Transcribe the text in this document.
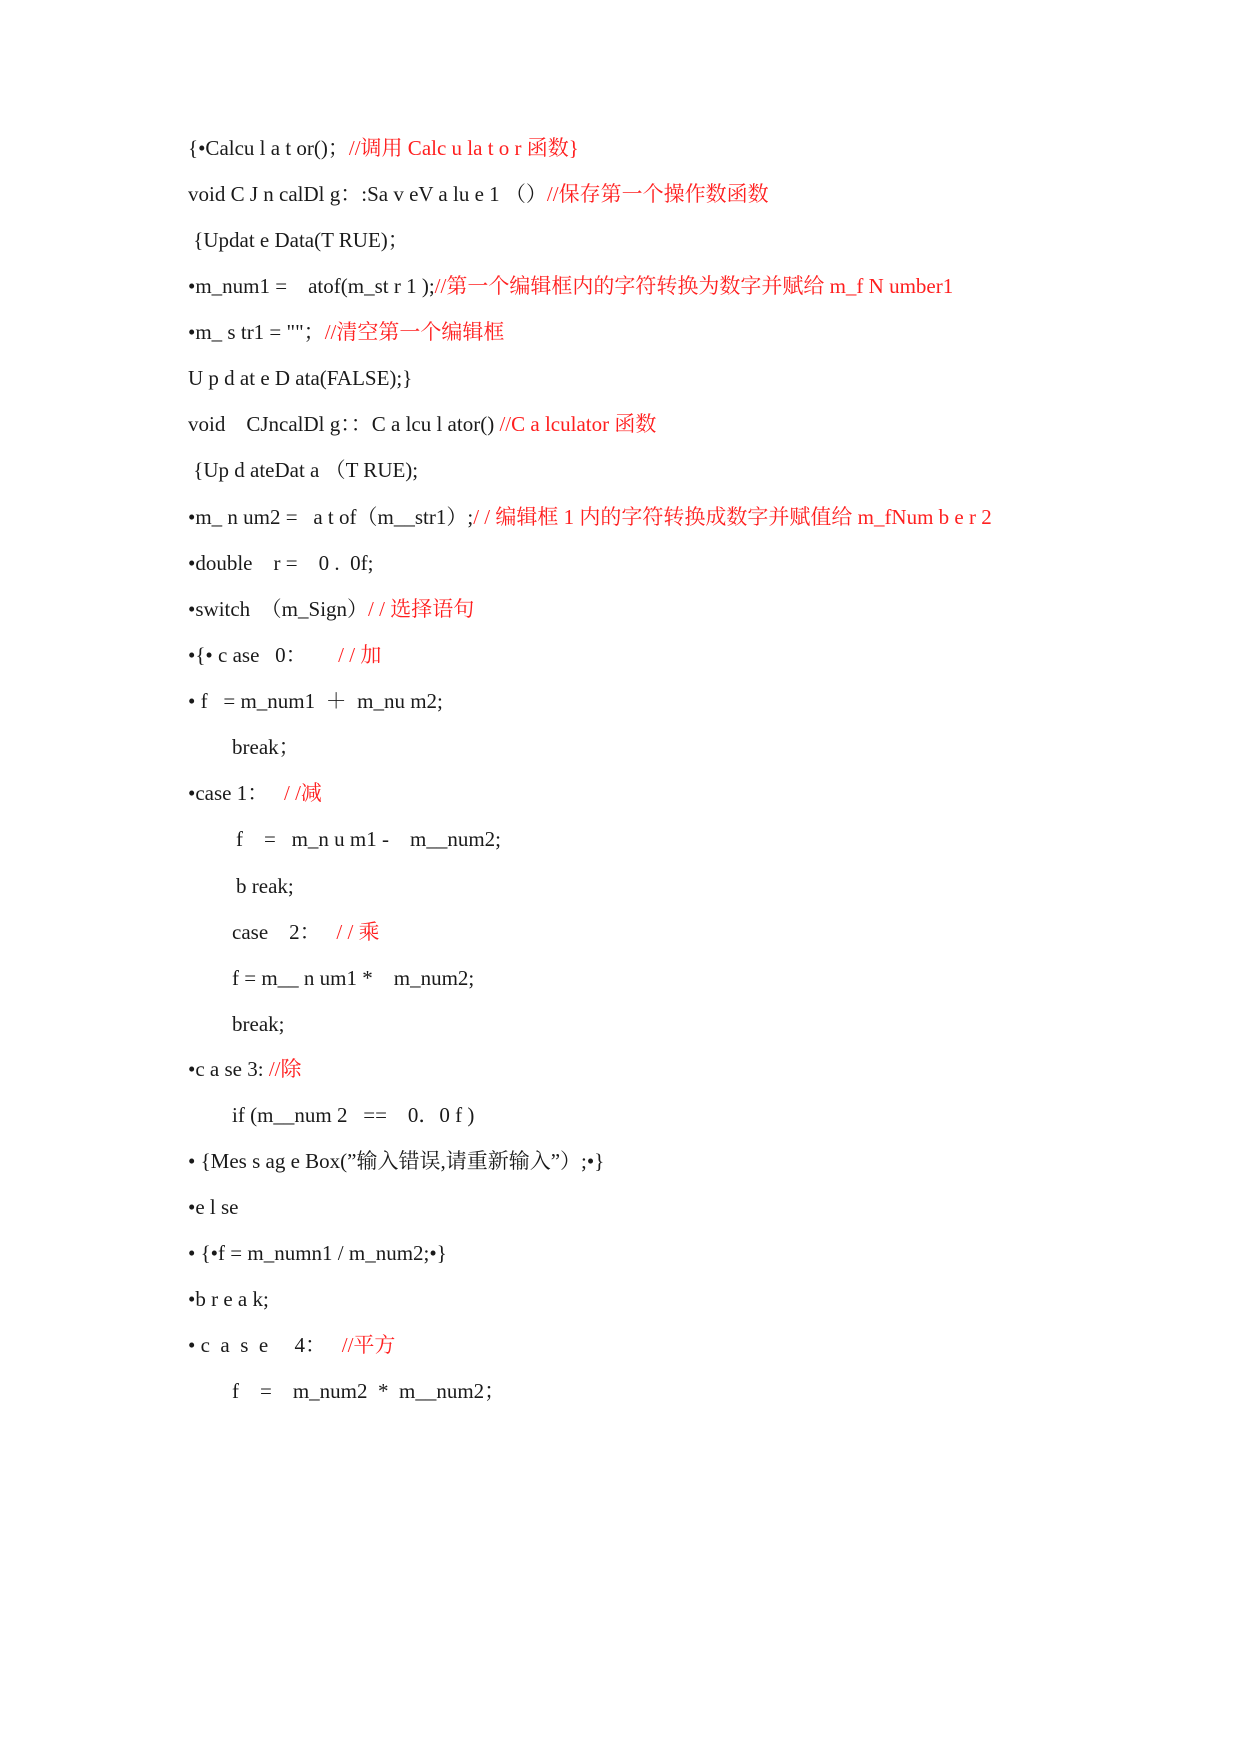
{•Calcu l a t or()；//调用 Calc u la t o r 函数}
void C J n calDl g：:Sa v eV a lu e 1 （）//保存第一个操作数函数
{Updat e Data(T RUE)；
•m_num1 =    atof(m_st r 1 );//第一个编辑框内的字符转换为数字并赋给 m_f N umber1
•m_ s tr1 = ""；//清空第一个编辑框
U p d at e D ata(FALSE);}
void    CJncalDl g：：C a lcu l ator() //C a lculator 函数
{Up d ateDat a （T RUE);
•m_ n um2 =   a t of（m__str1）;/ / 编辑框 1 内的字符转换成数字并赋值给 m_fNum b e r 2
•double    r =    0 .  0f;
•switch  （m_Sign）/ / 选择语句
•{• c ase   0：      / / 加
• f   = m_num1  ＋  m_nu m2;
break；
•case 1：   / /减
f    =   m_n u m1 -    m__num2;
b reak;
case    2：   / / 乘
f = m__ n um1 *    m_num2;
break;
•c a se 3: //除
if (m__num 2   ==    0．0 f )
• {Mes s ag e Box(”输入错误,请重新输入”）;•}
•e l se
• {•f = m_numn1 / m_num2;•}
•b r e a k;
• c  a  s  e     4：   //平方
f    =    m_num2  *  m__num2；
